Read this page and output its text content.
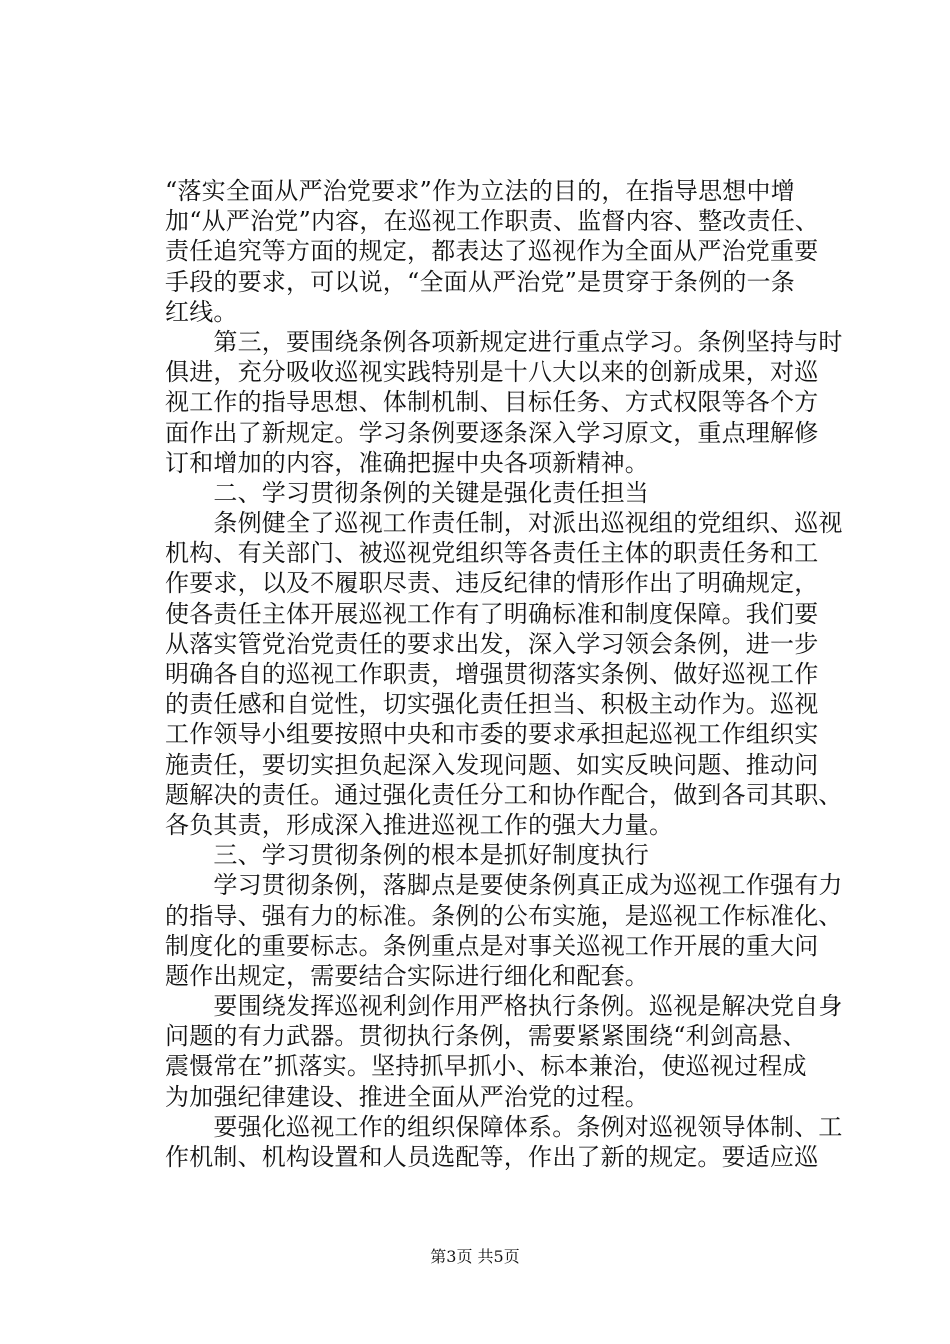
“落实全面从严治党要求”作为立法的目的，在指导思想中增
加“从严治党”内容，在巡视工作职责、监督内容、整改责任、
责任追究等方面的规定，都表达了巡视作为全面从严治党重要
手段的要求，可以说，“全面从严治党”是贯穿于条例的一条
红线。
　　第三，要围绕条例各项新规定进行重点学习。条例坚持与时
俱进，充分吸收巡视实践特别是十八大以来的创新成果，对巡
视工作的指导思想、体制机制、目标任务、方式权限等各个方
面作出了新规定。学习条例要逐条深入学习原文，重点理解修
订和增加的内容，准确把握中央各项新精神。
　　二、学习贯彻条例的关键是强化责任担当
　　条例健全了巡视工作责任制，对派出巡视组的党组织、巡视
机构、有关部门、被巡视党组织等各责任主体的职责任务和工
作要求，以及不履职尽责、违反纪律的情形作出了明确规定，
使各责任主体开展巡视工作有了明确标准和制度保障。我们要
从落实管党治党责任的要求出发，深入学习领会条例，进一步
明确各自的巡视工作职责，增强贯彻落实条例、做好巡视工作
的责任感和自觉性，切实强化责任担当、积极主动作为。巡视
工作领导小组要按照中央和市委的要求承担起巡视工作组织实
施责任，要切实担负起深入发现问题、如实反映问题、推动问
题解决的责任。通过强化责任分工和协作配合，做到各司其职、
各负其责，形成深入推进巡视工作的强大力量。
　　三、学习贯彻条例的根本是抓好制度执行
　　学习贯彻条例，落脚点是要使条例真正成为巡视工作强有力
的指导、强有力的标准。条例的公布实施，是巡视工作标准化、
制度化的重要标志。条例重点是对事关巡视工作开展的重大问
题作出规定，需要结合实际进行细化和配套。
　　要围绕发挥巡视利剑作用严格执行条例。巡视是解决党自身
问题的有力武器。贯彻执行条例，需要紧紧围绕“利剑高悬、
震慑常在”抓落实。坚持抓早抓小、标本兼治，使巡视过程成
为加强纪律建设、推进全面从严治党的过程。
　　要强化巡视工作的组织保障体系。条例对巡视领导体制、工
作机制、机构设置和人员选配等，作出了新的规定。要适应巡
第3页 共5页
